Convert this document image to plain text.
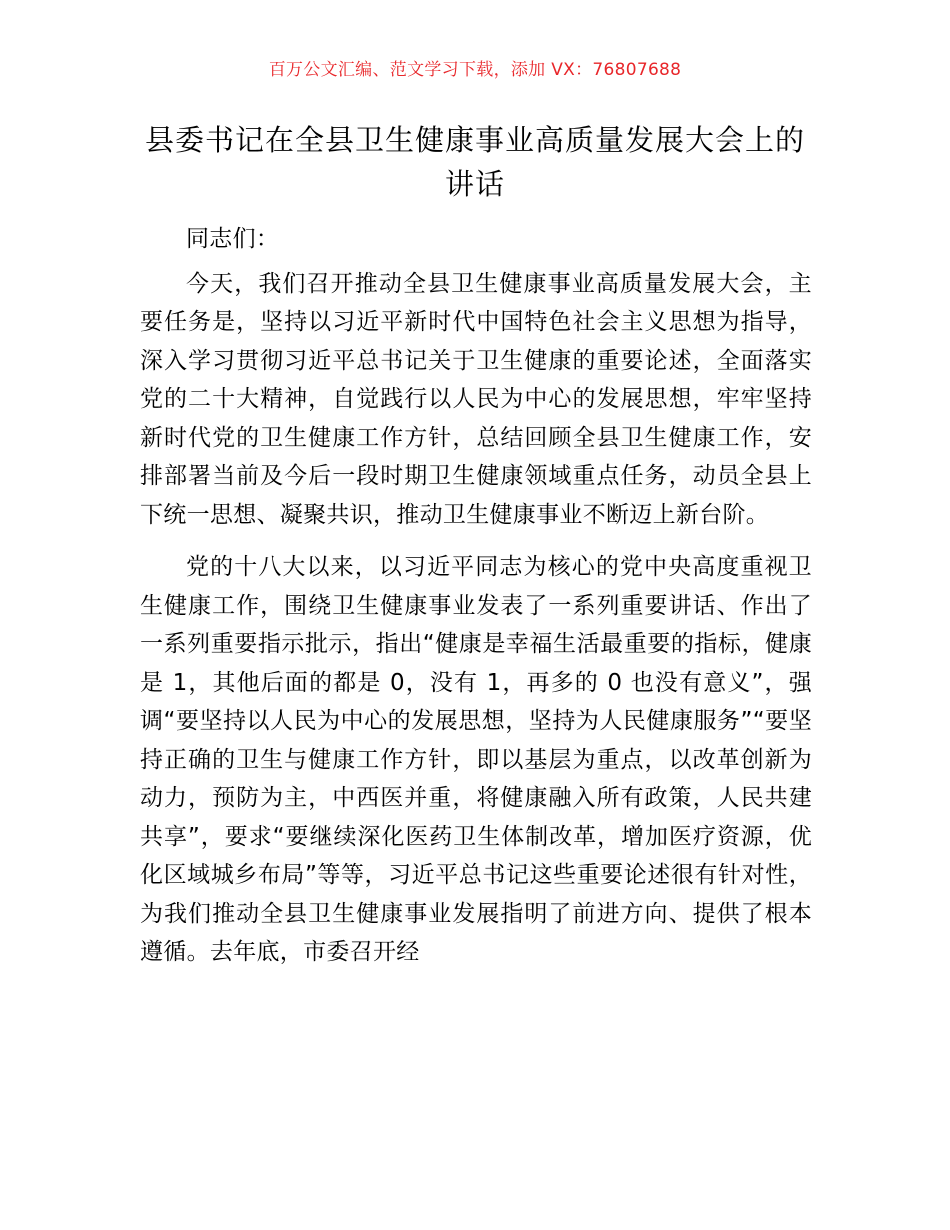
百万公文汇编、范文学习下载，添加 VX：76807688
县委书记在全县卫生健康事业高质量发展大会上的讲话

同志们：

今天，我们召开推动全县卫生健康事业高质量发展大会，主要任务是，坚持以习近平新时代中国特色社会主义思想为指导，深入学习贯彻习近平总书记关于卫生健康的重要论述，全面落实党的二十大精神，自觉践行以人民为中心的发展思想，牢牢坚持新时代党的卫生健康工作方针，总结回顾全县卫生健康工作，安排部署当前及今后一段时期卫生健康领域重点任务，动员全县上下统一思想、凝聚共识，推动卫生健康事业不断迈上新台阶。

党的十八大以来，以习近平同志为核心的党中央高度重视卫生健康工作，围绕卫生健康事业发表了一系列重要讲话、作出了一系列重要指示批示，指出“健康是幸福生活最重要的指标，健康是 1，其他后面的都是 0，没有 1，再多的 0 也没有意义”，强调“要坚持以人民为中心的发展思想，坚持为人民健康服务”“要坚持正确的卫生与健康工作方针，即以基层为重点，以改革创新为动力，预防为主，中西医并重，将健康融入所有政策，人民共建共享”，要求“要继续深化医药卫生体制改革，增加医疗资源，优化区域城乡布局”等等，习近平总书记这些重要论述很有针对性，为我们推动全县卫生健康事业发展指明了前进方向、提供了根本遵循。去年底，市委召开经
